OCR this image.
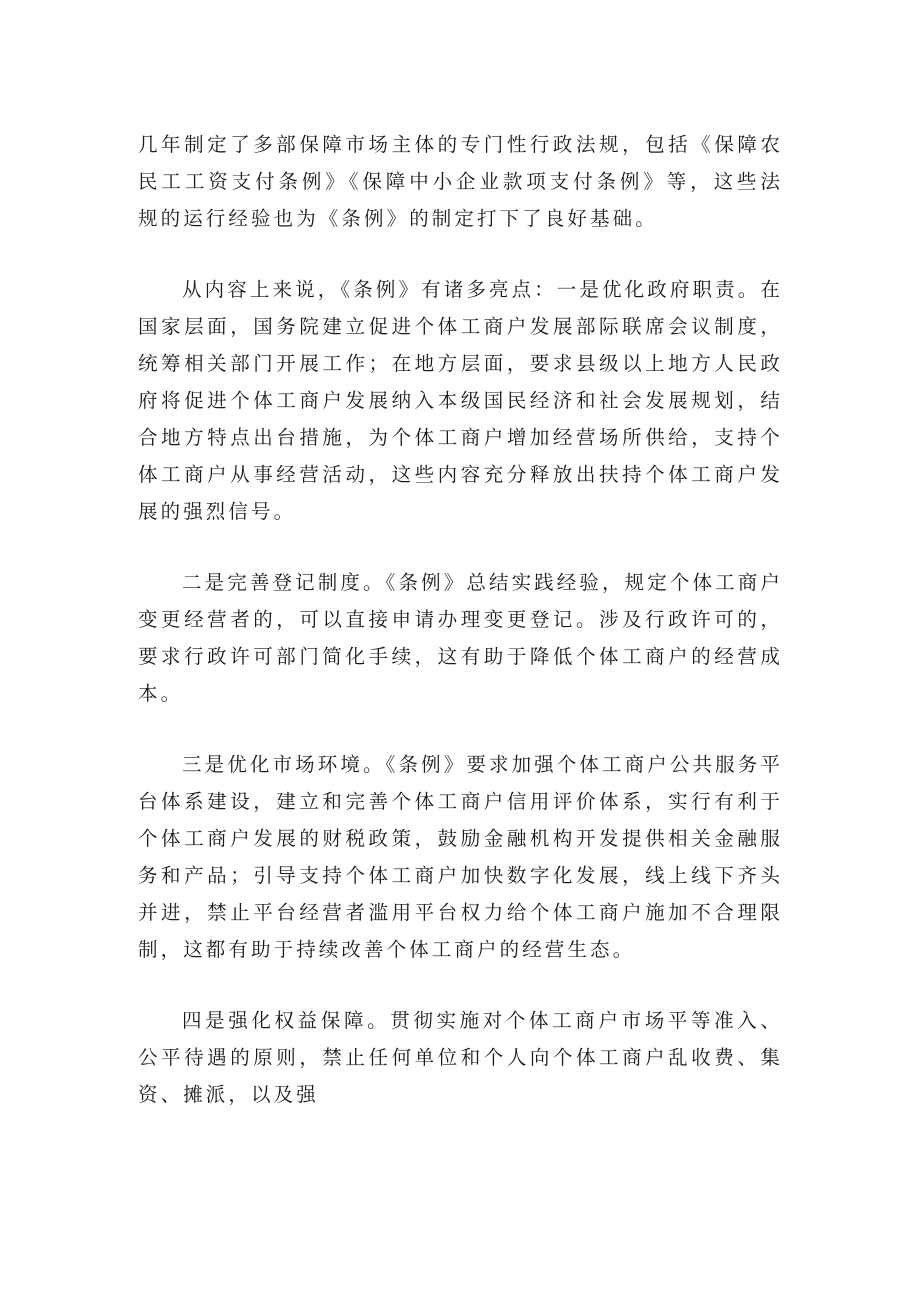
几年制定了多部保障市场主体的专门性行政法规，包括《保障农民工工资支付条例》《保障中小企业款项支付条例》等，这些法规的运行经验也为《条例》的制定打下了良好基础。

从内容上来说，《条例》有诸多亮点：一是优化政府职责。在国家层面，国务院建立促进个体工商户发展部际联席会议制度，统筹相关部门开展工作；在地方层面，要求县级以上地方人民政府将促进个体工商户发展纳入本级国民经济和社会发展规划，结合地方特点出台措施，为个体工商户增加经营场所供给，支持个体工商户从事经营活动，这些内容充分释放出扶持个体工商户发展的强烈信号。

二是完善登记制度。《条例》总结实践经验，规定个体工商户变更经营者的，可以直接申请办理变更登记。涉及行政许可的，要求行政许可部门简化手续，这有助于降低个体工商户的经营成本。

三是优化市场环境。《条例》要求加强个体工商户公共服务平台体系建设，建立和完善个体工商户信用评价体系，实行有利于个体工商户发展的财税政策，鼓励金融机构开发提供相关金融服务和产品；引导支持个体工商户加快数字化发展，线上线下齐头并进，禁止平台经营者滥用平台权力给个体工商户施加不合理限制，这都有助于持续改善个体工商户的经营生态。

四是强化权益保障。贯彻实施对个体工商户市场平等准入、公平待遇的原则，禁止任何单位和个人向个体工商户乱收费、集资、摊派，以及强
